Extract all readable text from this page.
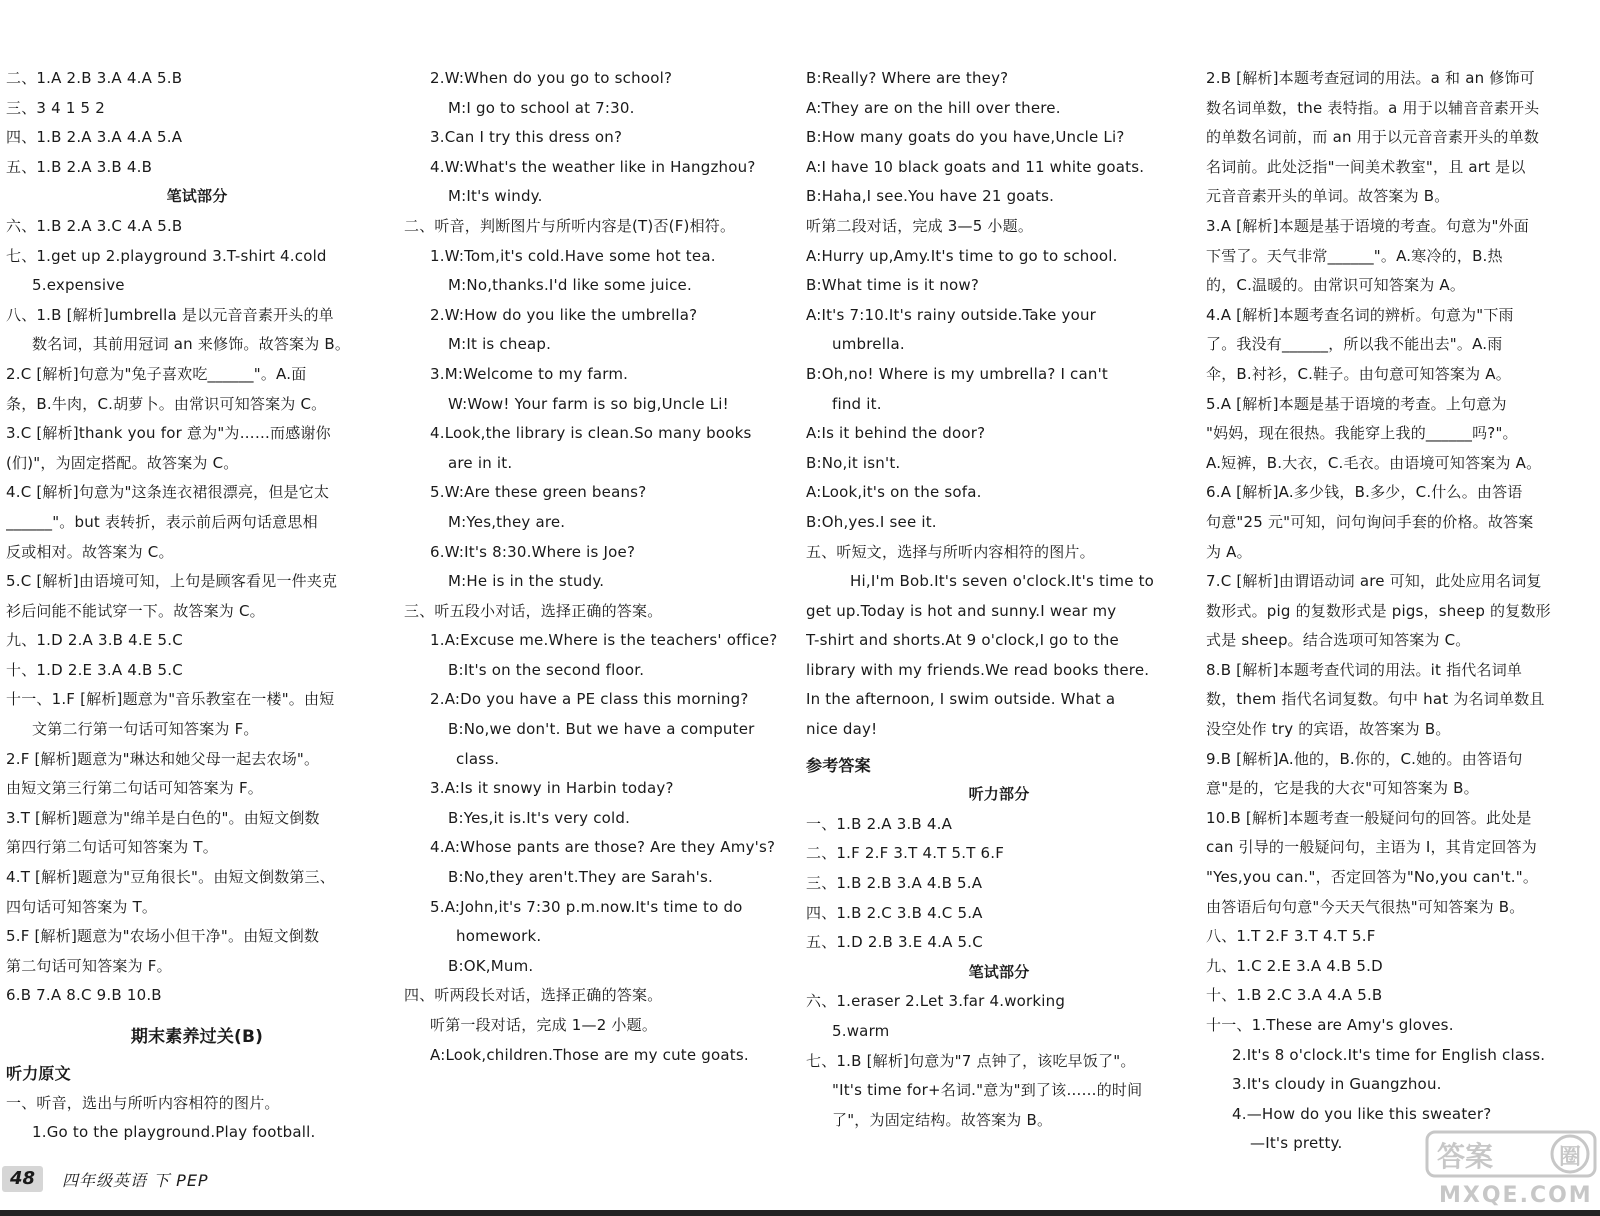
二、1.A 2.B 3.A 4.A 5.B
三、3 4 1 5 2
四、1.B 2.A 3.A 4.A 5.A
五、1.B 2.A 3.B 4.B
笔试部分
六、1.B 2.A 3.C 4.A 5.B
七、1.get up 2.playground 3.T-shirt 4.cold
5.expensive
八、1.B [解析]umbrella 是以元音音素开头的单
数名词，其前用冠词 an 来修饰。故答案为 B。
2.C [解析]句意为"兔子喜欢吃______"。A.面
条，B.牛肉，C.胡萝卜。由常识可知答案为 C。
3.C [解析]thank you for 意为"为……而感谢你
(们)"，为固定搭配。故答案为 C。
4.C [解析]句意为"这条连衣裙很漂亮，但是它太
______"。but 表转折，表示前后两句话意思相
反或相对。故答案为 C。
5.C [解析]由语境可知，上句是顾客看见一件夹克
衫后问能不能试穿一下。故答案为 C。
九、1.D 2.A 3.B 4.E 5.C
十、1.D 2.E 3.A 4.B 5.C
十一、1.F [解析]题意为"音乐教室在一楼"。由短
文第二行第一句话可知答案为 F。
2.F [解析]题意为"琳达和她父母一起去农场"。
由短文第三行第二句话可知答案为 F。
3.T [解析]题意为"绵羊是白色的"。由短文倒数
第四行第二句话可知答案为 T。
4.T [解析]题意为"豆角很长"。由短文倒数第三、
四句话可知答案为 T。
5.F [解析]题意为"农场小但干净"。由短文倒数
第二句话可知答案为 F。
6.B 7.A 8.C 9.B 10.B
期末素养过关(B)
听力原文
一、听音，选出与所听内容相符的图片。
1.Go to the playground.Play football.
2.W:When do you go to school?
M:I go to school at 7:30.
3.Can I try this dress on?
4.W:What's the weather like in Hangzhou?
M:It's windy.
二、听音，判断图片与所听内容是(T)否(F)相符。
1.W:Tom,it's cold.Have some hot tea.
M:No,thanks.I'd like some juice.
2.W:How do you like the umbrella?
M:It is cheap.
3.M:Welcome to my farm.
W:Wow! Your farm is so big,Uncle Li!
4.Look,the library is clean.So many books
are in it.
5.W:Are these green beans?
M:Yes,they are.
6.W:It's 8:30.Where is Joe?
M:He is in the study.
三、听五段小对话，选择正确的答案。
1.A:Excuse me.Where is the teachers' office?
B:It's on the second floor.
2.A:Do you have a PE class this morning?
B:No,we don't. But we have a computer
class.
3.A:Is it snowy in Harbin today?
B:Yes,it is.It's very cold.
4.A:Whose pants are those? Are they Amy's?
B:No,they aren't.They are Sarah's.
5.A:John,it's 7:30 p.m.now.It's time to do
homework.
B:OK,Mum.
四、听两段长对话，选择正确的答案。
听第一段对话，完成 1—2 小题。
A:Look,children.Those are my cute goats.
B:Really? Where are they?
A:They are on the hill over there.
B:How many goats do you have,Uncle Li?
A:I have 10 black goats and 11 white goats.
B:Haha,I see.You have 21 goats.
听第二段对话，完成 3—5 小题。
A:Hurry up,Amy.It's time to go to school.
B:What time is it now?
A:It's 7:10.It's rainy outside.Take your
umbrella.
B:Oh,no! Where is my umbrella? I can't
find it.
A:Is it behind the door?
B:No,it isn't.
A:Look,it's on the sofa.
B:Oh,yes.I see it.
五、听短文，选择与所听内容相符的图片。
Hi,I'm Bob.It's seven o'clock.It's time to
get up.Today is hot and sunny.I wear my
T-shirt and shorts.At 9 o'clock,I go to the
library with my friends.We read books there.
In the afternoon, I swim outside. What a
nice day!
参考答案
听力部分
一、1.B 2.A 3.B 4.A
二、1.F 2.F 3.T 4.T 5.T 6.F
三、1.B 2.B 3.A 4.B 5.A
四、1.B 2.C 3.B 4.C 5.A
五、1.D 2.B 3.E 4.A 5.C
笔试部分
六、1.eraser 2.Let 3.far 4.working
5.warm
七、1.B [解析]句意为"7 点钟了，该吃早饭了"。
"It's time for+名词."意为"到了该……的时间
了"，为固定结构。故答案为 B。
2.B [解析]本题考查冠词的用法。a 和 an 修饰可
数名词单数，the 表特指。a 用于以辅音音素开头
的单数名词前，而 an 用于以元音音素开头的单数
名词前。此处泛指"一间美术教室"，且 art 是以
元音音素开头的单词。故答案为 B。
3.A [解析]本题是基于语境的考查。句意为"外面
下雪了。天气非常______"。A.寒冷的，B.热
的，C.温暖的。由常识可知答案为 A。
4.A [解析]本题考查名词的辨析。句意为"下雨
了。我没有______，所以我不能出去"。A.雨
伞，B.衬衫，C.鞋子。由句意可知答案为 A。
5.A [解析]本题是基于语境的考查。上句意为
"妈妈，现在很热。我能穿上我的______吗?"。
A.短裤，B.大衣，C.毛衣。由语境可知答案为 A。
6.A [解析]A.多少钱，B.多少，C.什么。由答语
句意"25 元"可知，问句询问手套的价格。故答案
为 A。
7.C [解析]由谓语动词 are 可知，此处应用名词复
数形式。pig 的复数形式是 pigs，sheep 的复数形
式是 sheep。结合选项可知答案为 C。
8.B [解析]本题考查代词的用法。it 指代名词单
数，them 指代名词复数。句中 hat 为名词单数且
没空处作 try 的宾语，故答案为 B。
9.B [解析]A.他的，B.你的，C.她的。由答语句
意"是的，它是我的大衣"可知答案为 B。
10.B [解析]本题考查一般疑问句的回答。此处是
can 引导的一般疑问句，主语为 I，其肯定回答为
"Yes,you can."，否定回答为"No,you can't."。
由答语后句句意"今天天气很热"可知答案为 B。
八、1.T 2.F 3.T 4.T 5.F
九、1.C 2.E 3.A 4.B 5.D
十、1.B 2.C 3.A 4.A 5.B
十一、1.These are Amy's gloves.
2.It's 8 o'clock.It's time for English class.
3.It's cloudy in Guangzhou.
4.—How do you like this sweater?
—It's pretty.
48	四年级英语 下 PEP
答案	圈
MXQE.COM
